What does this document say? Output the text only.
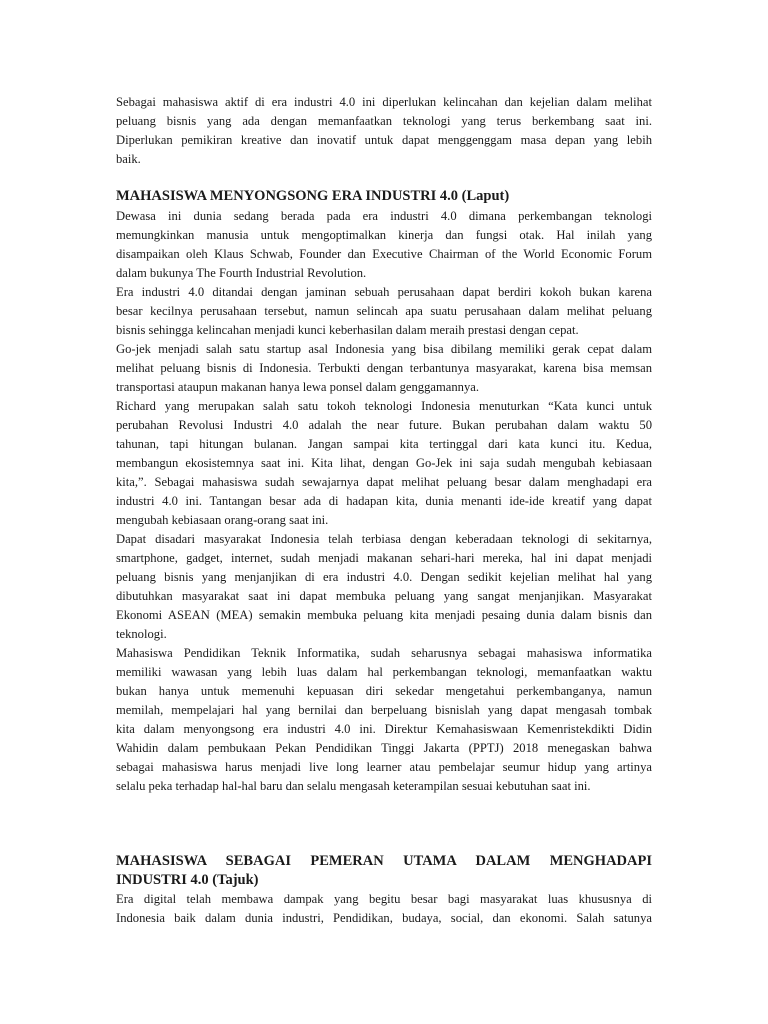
Sebagai mahasiswa aktif di era industri 4.0 ini diperlukan kelincahan dan kejelian dalam melihat
peluang bisnis yang ada dengan memanfaatkan teknologi yang terus berkembang saat ini.
Diperlukan pemikiran kreative dan inovatif untuk dapat menggenggam masa depan yang lebih
baik.
MAHASISWA MENYONGSONG ERA INDUSTRI 4.0 (Laput)
Dewasa ini dunia sedang berada pada era industri 4.0 dimana perkembangan teknologi
memungkinkan manusia untuk mengoptimalkan kinerja dan fungsi otak. Hal inilah yang
disampaikan oleh Klaus Schwab, Founder dan Executive Chairman of the World Economic Forum
dalam bukunya The Fourth Industrial Revolution.
Era industri 4.0 ditandai dengan jaminan sebuah perusahaan dapat berdiri kokoh bukan karena
besar kecilnya perusahaan tersebut, namun selincah apa suatu perusahaan dalam melihat peluang
bisnis sehingga kelincahan menjadi kunci keberhasilan dalam meraih prestasi dengan cepat.
Go-jek menjadi salah satu startup asal Indonesia yang bisa dibilang memiliki gerak cepat dalam
melihat peluang bisnis di Indonesia. Terbukti dengan terbantunya masyarakat, karena bisa memsan
transportasi ataupun makanan hanya lewa ponsel dalam genggamannya.
Richard yang merupakan salah satu tokoh teknologi Indonesia menuturkan “Kata kunci untuk
perubahan Revolusi Industri 4.0 adalah the near future. Bukan perubahan dalam waktu 50
tahunan, tapi hitungan bulanan. Jangan sampai kita tertinggal dari kata kunci itu. Kedua,
membangun ekosistemnya saat ini. Kita lihat, dengan Go-Jek ini saja sudah mengubah kebiasaan
kita,”. Sebagai mahasiswa sudah sewajarnya dapat melihat peluang besar dalam menghadapi era
industri 4.0 ini. Tantangan besar ada di hadapan kita, dunia menanti ide-ide kreatif yang dapat
mengubah kebiasaan orang-orang saat ini.
Dapat disadari masyarakat Indonesia telah terbiasa dengan keberadaan teknologi di sekitarnya,
smartphone, gadget, internet, sudah menjadi makanan sehari-hari mereka, hal ini dapat menjadi
peluang bisnis yang menjanjikan di era industri 4.0. Dengan sedikit kejelian melihat hal yang
dibutuhkan masyarakat saat ini dapat membuka peluang yang sangat menjanjikan. Masyarakat
Ekonomi ASEAN (MEA) semakin membuka peluang kita menjadi pesaing dunia dalam bisnis dan
teknologi.
Mahasiswa Pendidikan Teknik Informatika, sudah seharusnya sebagai mahasiswa informatika
memiliki wawasan yang lebih luas dalam hal perkembangan teknologi, memanfaatkan waktu
bukan hanya untuk memenuhi kepuasan diri sekedar mengetahui perkembanganya, namun
memilah, mempelajari hal yang bernilai dan berpeluang bisnislah yang dapat mengasah tombak
kita dalam menyongsong era industri 4.0 ini. Direktur Kemahasiswaan Kemenristekdikti Didin
Wahidin dalam pembukaan Pekan Pendidikan Tinggi Jakarta (PPTJ) 2018 menegaskan bahwa
sebagai mahasiswa harus menjadi live long learner atau pembelajar seumur hidup yang artinya
selalu peka terhadap hal-hal baru dan selalu mengasah keterampilan sesuai kebutuhan saat ini.
MAHASISWA SEBAGAI PEMERAN UTAMA DALAM MENGHADAPI
INDUSTRI 4.0 (Tajuk)
Era digital telah membawa dampak yang begitu besar bagi masyarakat luas khususnya di
Indonesia baik dalam dunia industri, Pendidikan, budaya, social, dan ekonomi. Salah satunya
